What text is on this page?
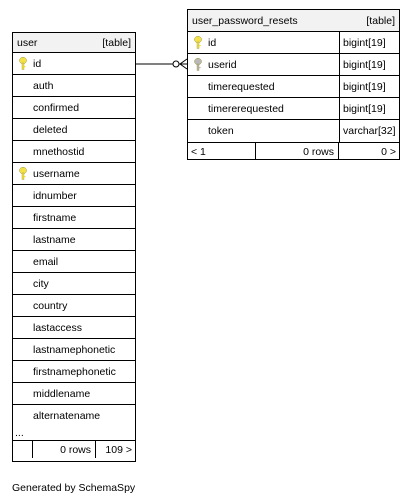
user	[table]
id
auth
confirmed
deleted
mnethostid
username
idnumber
firstname
lastname
email
city
country
lastaccess
lastnamephonetic
firstnamephonetic
middlename
alternatename
...
0 rows	109 >
user_password_resets	[table]
id	bigint[19]
userid	bigint[19]
timerequested	bigint[19]
timererequested	bigint[19]
token	varchar[32]
< 1	0 rows	0 >
Generated by SchemaSpy
